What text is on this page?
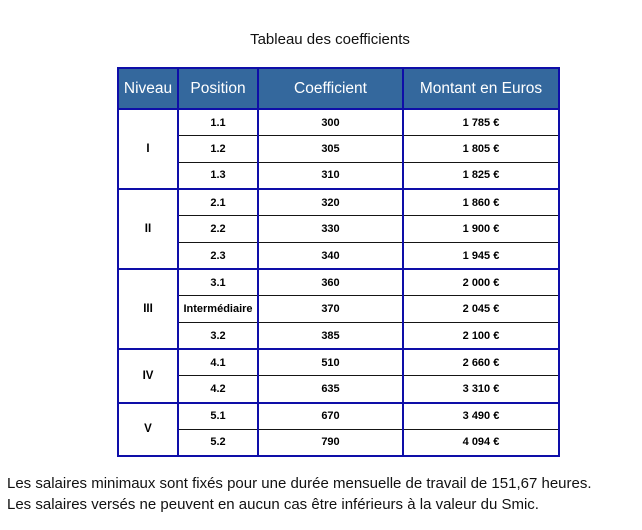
Tableau des coefficients
Niveau	Position	Coefficient	Montant en Euros
I	1.1	300	1 785 €
	1.2	305	1 805 €
	1.3	310	1 825 €
II	2.1	320	1 860 €
	2.2	330	1 900 €
	2.3	340	1 945 €
III	3.1	360	2 000 €
	Intermédiaire	370	2 045 €
	3.2	385	2 100 €
IV	4.1	510	2 660 €
	4.2	635	3 310 €
V	5.1	670	3 490 €
	5.2	790	4 094 €
Les salaires minimaux sont fixés pour une durée mensuelle de travail de 151,67 heures.
Les salaires versés ne peuvent en aucun cas être inférieurs à la valeur du Smic.
